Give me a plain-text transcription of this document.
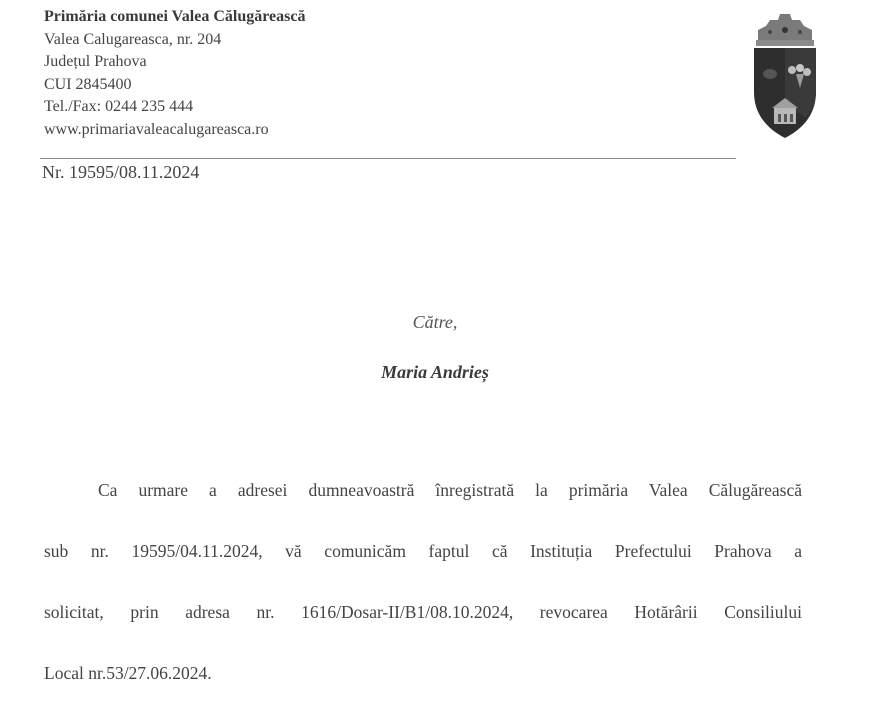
Primăria comunei Valea Călugărească
Valea Calugareasca, nr. 204
Județul Prahova
CUI 2845400
Tel./Fax: 0244 235 444
www.primariavaleacalugareasca.ro
Nr. 19595/08.11.2024
Către,
Maria Andrieș
Ca urmare a adresei dumneavoastră înregistrată la primăria Valea Călugărească
sub nr. 19595/04.11.2024, vă comunicăm faptul că Instituția Prefectului Prahova a
solicitat, prin adresa nr. 1616/Dosar-II/B1/08.10.2024, revocarea Hotărârii Consiliului
Local nr.53/27.06.2024.
